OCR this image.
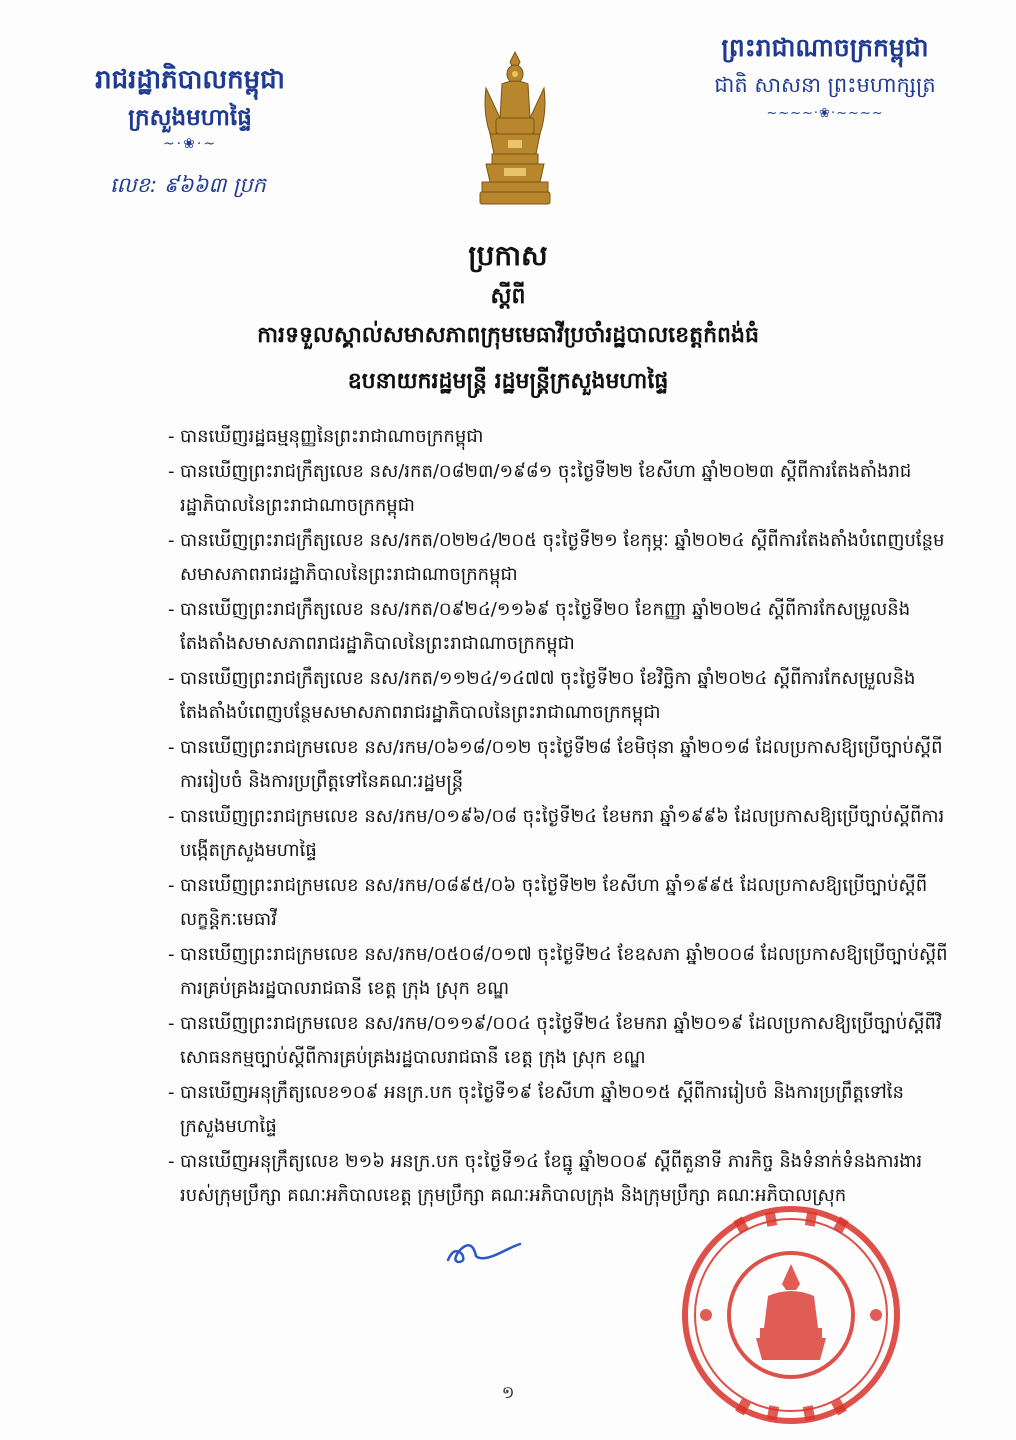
រាជរដ្ឋាភិបាលកម្ពុជា
ក្រសួងមហាផ្ទៃ
~·❀·~
លេខ: ៩៦៦៣ ប្រក
ព្រះរាជាណាចក្រកម្ពុជា
ជាតិ សាសនា ព្រះមហាក្សត្រ
~~~~·❀·~~~~
ប្រកាស
ស្ដីពី
ការទទួលស្គាល់សមាសភាពក្រុមមេធាវីប្រចាំរដ្ឋបាលខេត្តកំពង់ធំ
ឧបនាយករដ្ឋមន្ត្រី រដ្ឋមន្ត្រីក្រសួងមហាផ្ទៃ
- បានឃើញរដ្ឋធម្មនុញ្ញនៃព្រះរាជាណាចក្រកម្ពុជា
- បានឃើញព្រះរាជក្រឹត្យលេខ នស/រកត/០៨២៣/១៩៨១ ចុះថ្ងៃទី២២ ខែសីហា ឆ្នាំ២០២៣ ស្ដីពីការតែងតាំងរាជរដ្ឋាភិបាលនៃព្រះរាជាណាចក្រកម្ពុជា
- បានឃើញព្រះរាជក្រឹត្យលេខ នស/រកត/០២២៤/២០៥ ចុះថ្ងៃទី២១ ខែកុម្ភៈ ឆ្នាំ២០២៤ ស្ដីពីការតែងតាំងបំពេញបន្ថែមសមាសភាពរាជរដ្ឋាភិបាលនៃព្រះរាជាណាចក្រកម្ពុជា
- បានឃើញព្រះរាជក្រឹត្យលេខ នស/រកត/០៩២៤/១១៦៩ ចុះថ្ងៃទី២០ ខែកញ្ញា ឆ្នាំ២០២៤ ស្ដីពីការកែសម្រួលនិងតែងតាំងសមាសភាពរាជរដ្ឋាភិបាលនៃព្រះរាជាណាចក្រកម្ពុជា
- បានឃើញព្រះរាជក្រឹត្យលេខ នស/រកត/១១២៤/១៤៧៧ ចុះថ្ងៃទី២០ ខែវិច្ឆិកា ឆ្នាំ២០២៤ ស្ដីពីការកែសម្រួលនិងតែងតាំងបំពេញបន្ថែមសមាសភាពរាជរដ្ឋាភិបាលនៃព្រះរាជាណាចក្រកម្ពុជា
- បានឃើញព្រះរាជក្រមលេខ នស/រកម/០៦១៨/០១២ ចុះថ្ងៃទី២៨ ខែមិថុនា ឆ្នាំ២០១៨ ដែលប្រកាសឱ្យប្រើច្បាប់ស្ដីពីការរៀបចំ និងការប្រព្រឹត្តទៅនៃគណៈរដ្ឋមន្ត្រី
- បានឃើញព្រះរាជក្រមលេខ នស/រកម/០១៩៦/០៨ ចុះថ្ងៃទី២៤ ខែមករា ឆ្នាំ១៩៩៦ ដែលប្រកាសឱ្យប្រើច្បាប់ស្ដីពីការបង្កើតក្រសួងមហាផ្ទៃ
- បានឃើញព្រះរាជក្រមលេខ នស/រកម/០៨៩៥/០៦ ចុះថ្ងៃទី២២ ខែសីហា ឆ្នាំ១៩៩៥ ដែលប្រកាសឱ្យប្រើច្បាប់ស្ដីពីលក្ខន្តិកៈមេធាវី
- បានឃើញព្រះរាជក្រមលេខ នស/រកម/០៥០៨/០១៧ ចុះថ្ងៃទី២៤ ខែឧសភា ឆ្នាំ២០០៨ ដែលប្រកាសឱ្យប្រើច្បាប់ស្ដីពីការគ្រប់គ្រងរដ្ឋបាលរាជធានី ខេត្ត ក្រុង ស្រុក ខណ្ឌ
- បានឃើញព្រះរាជក្រមលេខ នស/រកម/០១១៩/០០៤ ចុះថ្ងៃទី២៤ ខែមករា ឆ្នាំ២០១៩ ដែលប្រកាសឱ្យប្រើច្បាប់ស្ដីពីវិសោធនកម្មច្បាប់ស្ដីពីការគ្រប់គ្រងរដ្ឋបាលរាជធានី ខេត្ត ក្រុង ស្រុក ខណ្ឌ
- បានឃើញអនុក្រឹត្យលេខ១០៩ អនក្រ.បក ចុះថ្ងៃទី១៩ ខែសីហា ឆ្នាំ២០១៥ ស្ដីពីការរៀបចំ និងការប្រព្រឹត្តទៅនៃក្រសួងមហាផ្ទៃ
- បានឃើញអនុក្រឹត្យលេខ ២១៦ អនក្រ.បក ចុះថ្ងៃទី១៤ ខែធ្នូ ឆ្នាំ២០០៩ ស្ដីពីតួនាទី ភារកិច្ច និងទំនាក់ទំនងការងាររបស់ក្រុមប្រឹក្សា គណៈអភិបាលខេត្ត ក្រុមប្រឹក្សា គណៈអភិបាលក្រុង និងក្រុមប្រឹក្សា គណៈអភិបាលស្រុក
១
